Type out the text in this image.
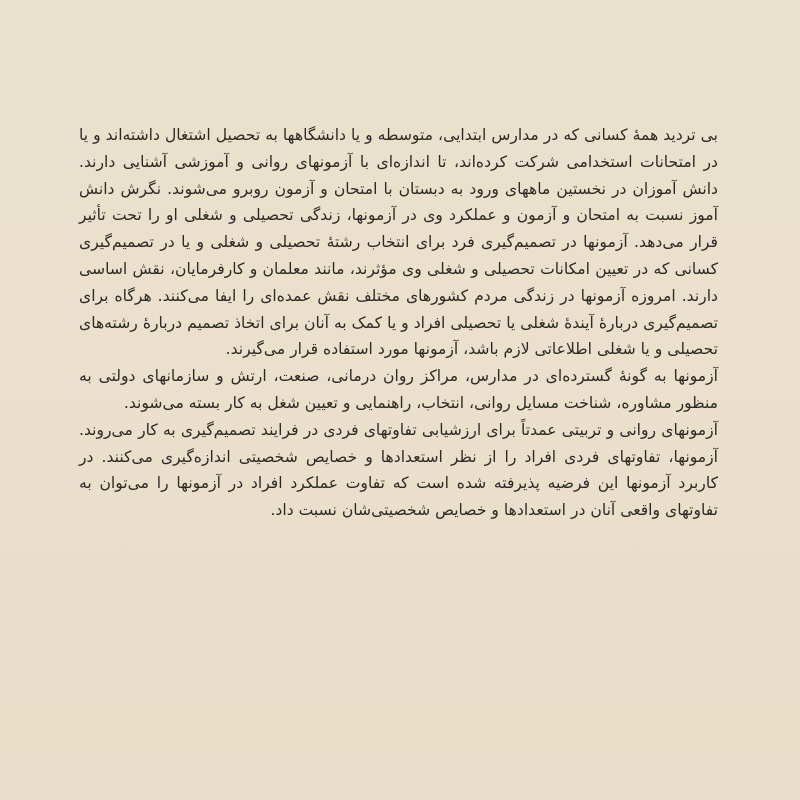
بی تردید همهٔ کسانی که در مدارس ابتدایی، متوسطه و یا دانشگاهها به تحصیل اشتغال داشته‌اند و یا در امتحانات استخدامی شرکت کرده‌اند، تا اندازه‌ای با آزمونهای روانی و آموزشی آشنایی دارند. دانش آموزان در نخستین ماههای ورود به دبستان با امتحان و آزمون روبرو می‌شوند. نگرش دانش آموز نسبت به امتحان و آزمون و عملکرد وی در آزمونها، زندگی تحصیلی و شغلی او را تحت تأثیر قرار می‌دهد. آزمونها در تصمیم‌گیری فرد برای انتخاب رشتهٔ تحصیلی و شغلی و یا در تصمیم‌گیری کسانی که در تعیین امکانات تحصیلی و شغلی وی مؤثرند، مانند معلمان و کارفرمایان، نقش اساسی دارند. امروزه آزمونها در زندگی مردم کشورهای مختلف نقش عمده‌ای را ایفا می‌کنند. هرگاه برای تصمیم‌گیری دربارهٔ آیندهٔ شغلی یا تحصیلی افراد و یا کمک به آنان برای اتخاذ تصمیم دربارهٔ رشته‌های تحصیلی و یا شغلی اطلاعاتی لازم باشد، آزمونها مورد استفاده قرار می‌گیرند.

آزمونها به گونهٔ گسترده‌ای در مدارس، مراکز روان درمانی، صنعت، ارتش و سازمانهای دولتی به منظور مشاوره، شناخت مسایل روانی، انتخاب، راهنمایی و تعیین شغل به کار بسته می‌شوند.

آزمونهای روانی و تربیتی عمدتاً برای ارزشیابی تفاوتهای فردی در فرایند تصمیم‌گیری به کار می‌روند. آزمونها، تفاوتهای فردی افراد را از نظر استعدادها و خصایص شخصیتی اندازه‌گیری می‌کنند. در کاربرد آزمونها این فرضیه پذیرفته شده است که تفاوت عملکرد افراد در آزمونها را می‌توان به تفاوتهای واقعی آنان در استعدادها و خصایص شخصیتی‌شان نسبت داد.
